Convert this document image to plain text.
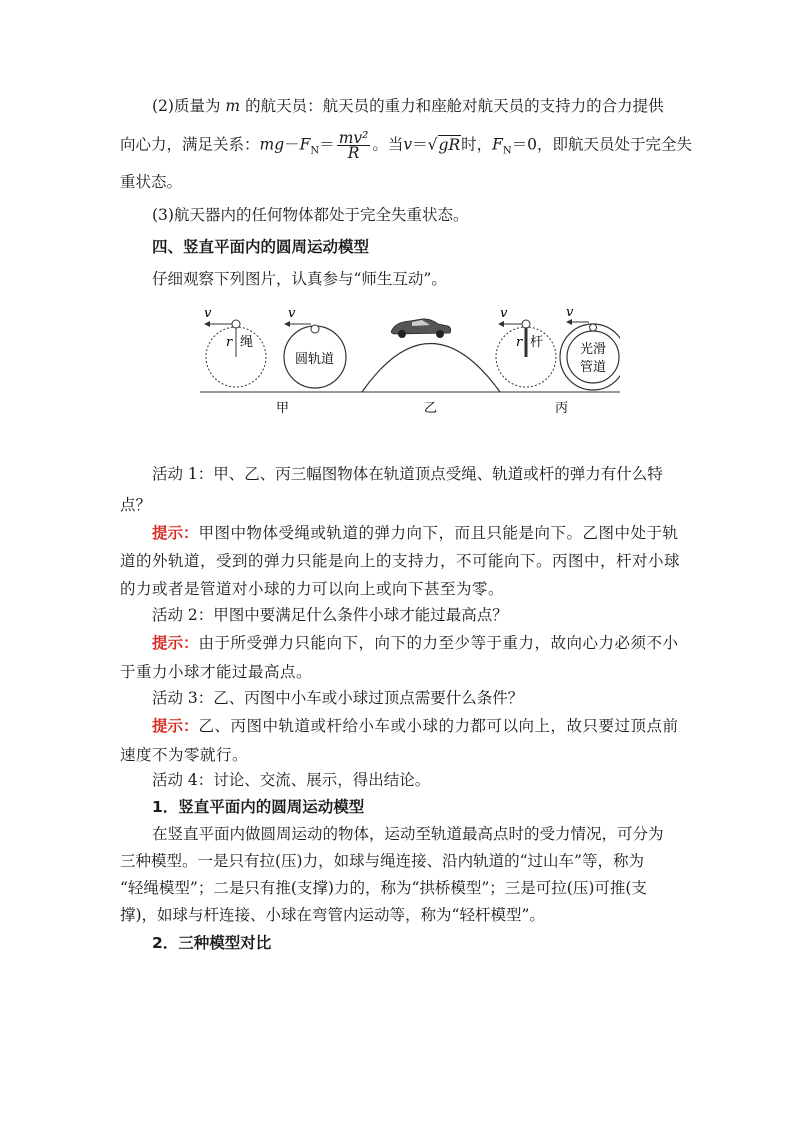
(2)质量为 m 的航天员：航天员的重力和座舱对航天员的支持力的合力提供
向心力，满足关系：$mg-F_N= \frac{\text{mv²}}{R}$ 。当v＝√gR时，$F_N=0$，即航天员处于完全失
重状态。
(3)航天器内的任何物体都处于完全失重状态。
四、竖直平面内的圆周运动模型
仔细观察下列图片，认真参与“师生互动”。
v
r 绳
v
圆轨道
v
r 杆
v
光滑
管道
甲	乙	丙
活动 1：甲、乙、丙三幅图物体在轨道顶点受绳、轨道或杆的弹力有什么特
点？
提示：甲图中物体受绳或轨道的弹力向下，而且只能是向下。乙图中处于轨
道的外轨道，受到的弹力只能是向上的支持力，不可能向下。丙图中，杆对小球
的力或者是管道对小球的力可以向上或向下甚至为零。
活动 2：甲图中要满足什么条件小球才能过最高点？
提示：由于所受弹力只能向下，向下的力至少等于重力，故向心力必须不小
于重力小球才能过最高点。
活动 3：乙、丙图中小车或小球过顶点需要什么条件？
提示：乙、丙图中轨道或杆给小车或小球的力都可以向上，故只要过顶点前
速度不为零就行。
活动 4：讨论、交流、展示，得出结论。
1．竖直平面内的圆周运动模型
在竖直平面内做圆周运动的物体，运动至轨道最高点时的受力情况，可分为
三种模型。一是只有拉(压)力，如球与绳连接、沿内轨道的“过山车”等，称为
“轻绳模型”；二是只有推(支撑)力的，称为“拱桥模型”；三是可拉(压)可推(支
撑)，如球与杆连接、小球在弯管内运动等，称为“轻杆模型”。
2．三种模型对比
